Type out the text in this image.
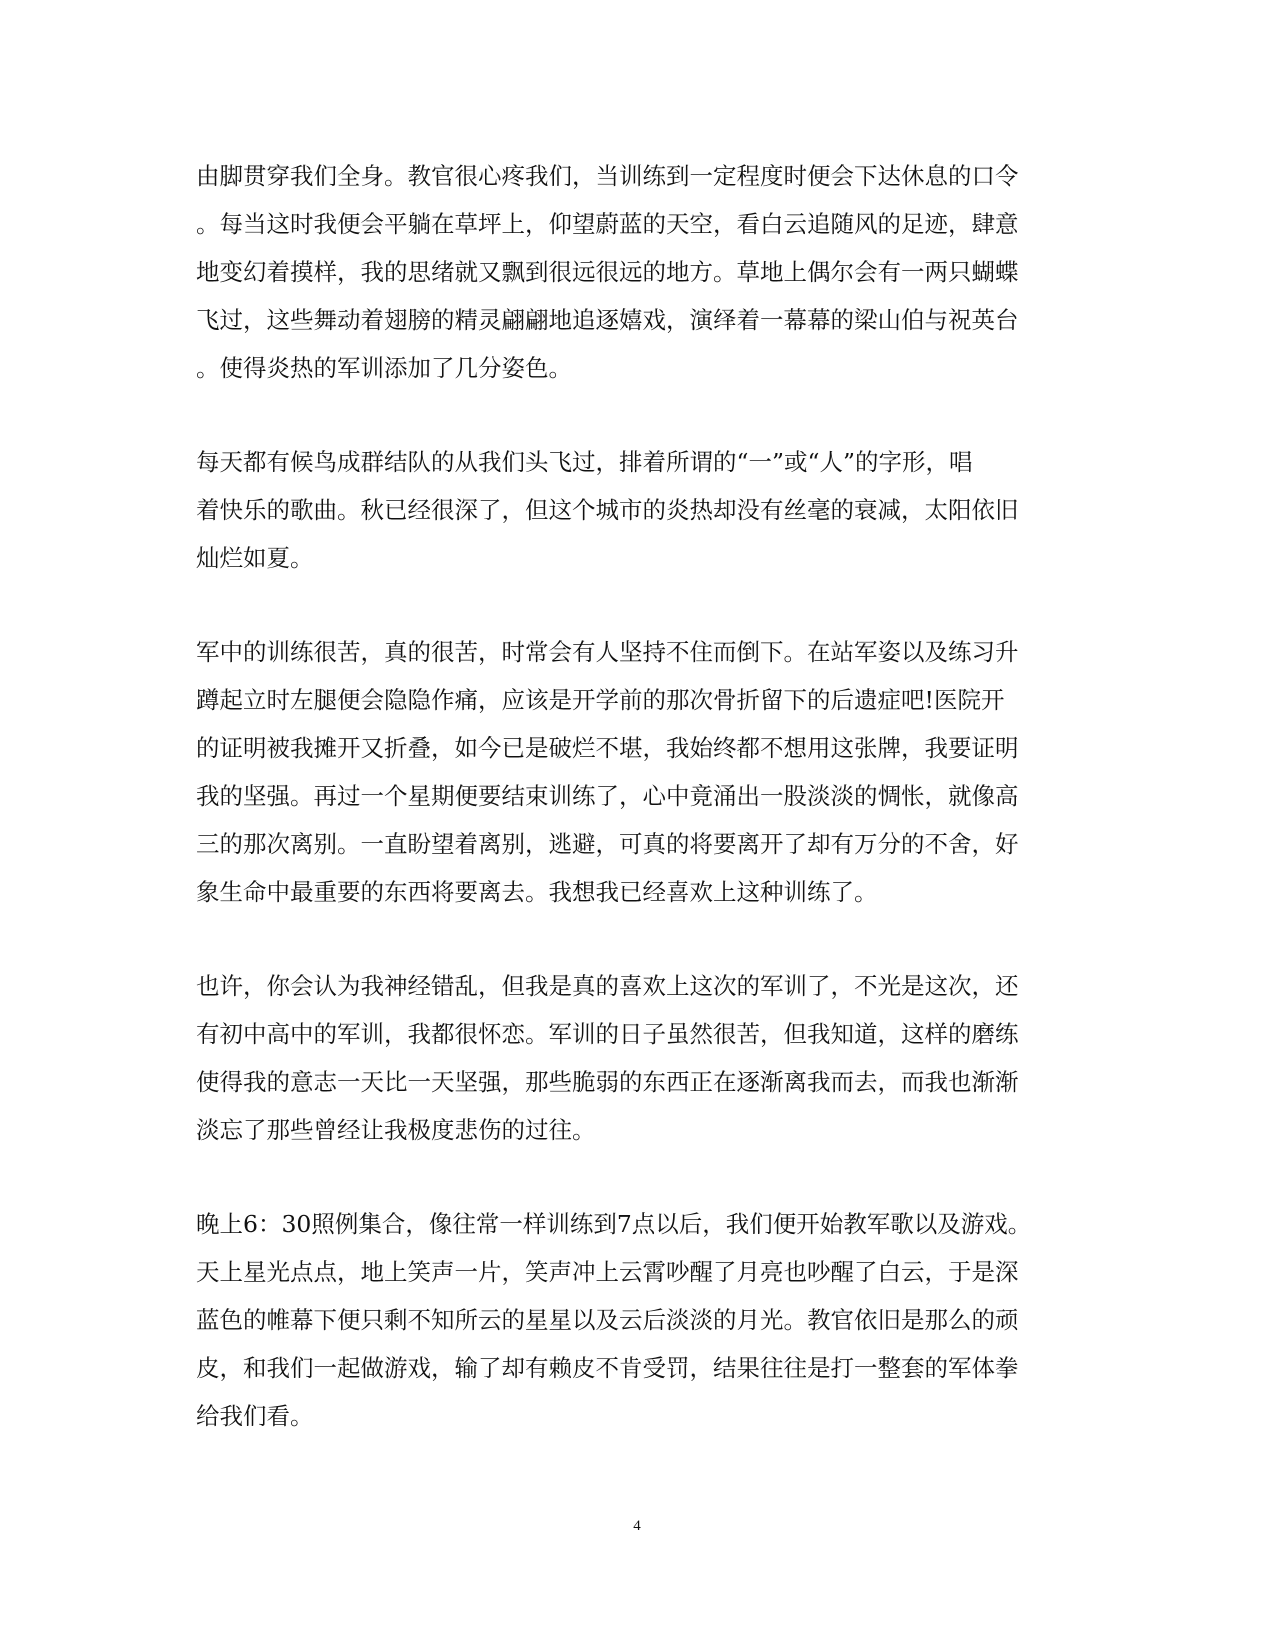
由脚贯穿我们全身。教官很心疼我们，当训练到一定程度时便会下达休息的口令
。每当这时我便会平躺在草坪上，仰望蔚蓝的天空，看白云追随风的足迹，肆意
地变幻着摸样，我的思绪就又飘到很远很远的地方。草地上偶尔会有一两只蝴蝶
飞过，这些舞动着翅膀的精灵翩翩地追逐嬉戏，演绎着一幕幕的梁山伯与祝英台
。使得炎热的军训添加了几分姿色。

每天都有候鸟成群结队的从我们头飞过，排着所谓的“一”或“人”的字形，唱
着快乐的歌曲。秋已经很深了，但这个城市的炎热却没有丝毫的衰减，太阳依旧
灿烂如夏。

军中的训练很苦，真的很苦，时常会有人坚持不住而倒下。在站军姿以及练习升
蹲起立时左腿便会隐隐作痛，应该是开学前的那次骨折留下的后遗症吧!医院开
的证明被我摊开又折叠，如今已是破烂不堪，我始终都不想用这张牌，我要证明
我的坚强。再过一个星期便要结束训练了，心中竟涌出一股淡淡的惆怅，就像高
三的那次离别。一直盼望着离别，逃避，可真的将要离开了却有万分的不舍，好
象生命中最重要的东西将要离去。我想我已经喜欢上这种训练了。

也许，你会认为我神经错乱，但我是真的喜欢上这次的军训了，不光是这次，还
有初中高中的军训，我都很怀恋。军训的日子虽然很苦，但我知道，这样的磨练
使得我的意志一天比一天坚强，那些脆弱的东西正在逐渐离我而去，而我也渐渐
淡忘了那些曾经让我极度悲伤的过往。

晚上6：30照例集合，像往常一样训练到7点以后，我们便开始教军歌以及游戏。
天上星光点点，地上笑声一片，笑声冲上云霄吵醒了月亮也吵醒了白云，于是深
蓝色的帷幕下便只剩不知所云的星星以及云后淡淡的月光。教官依旧是那么的顽
皮，和我们一起做游戏，输了却有赖皮不肯受罚，结果往往是打一整套的军体拳
给我们看。

4
